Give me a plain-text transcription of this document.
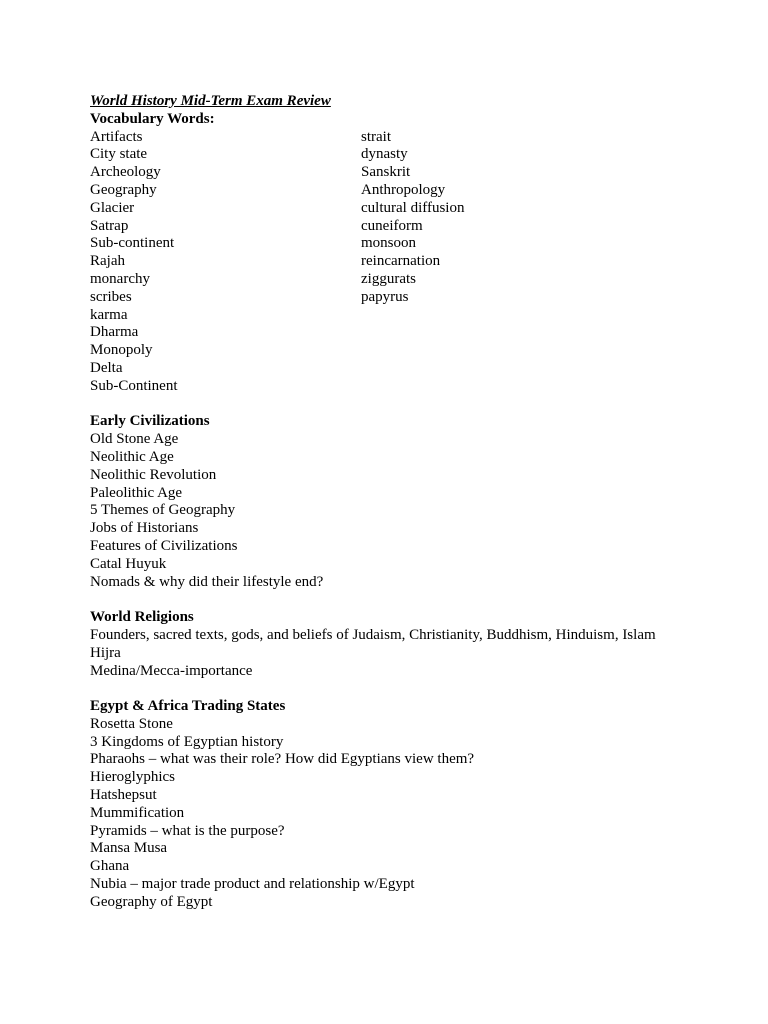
World History Mid-Term Exam Review
Vocabulary Words:
Artifacts
City state
Archeology
Geography
Glacier
Satrap
Sub-continent
Rajah
monarchy
scribes
karma
Dharma
Monopoly
Delta
Sub-Continent
strait
dynasty
Sanskrit
Anthropology
cultural diffusion
cuneiform
monsoon
reincarnation
ziggurats
papyrus
Early Civilizations
Old Stone Age
Neolithic Age
Neolithic Revolution
Paleolithic Age
5 Themes of Geography
Jobs of Historians
Features of Civilizations
Catal Huyuk
Nomads & why did their lifestyle end?
World Religions
Founders, sacred texts, gods, and beliefs of Judaism, Christianity, Buddhism, Hinduism, Islam
Hijra
Medina/Mecca-importance
Egypt & Africa Trading States
Rosetta Stone
3 Kingdoms of Egyptian history
Pharaohs – what was their role? How did Egyptians view them?
Hieroglyphics
Hatshepsut
Mummification
Pyramids – what is the purpose?
Mansa Musa
Ghana
Nubia – major trade product and relationship w/Egypt
Geography of Egypt
